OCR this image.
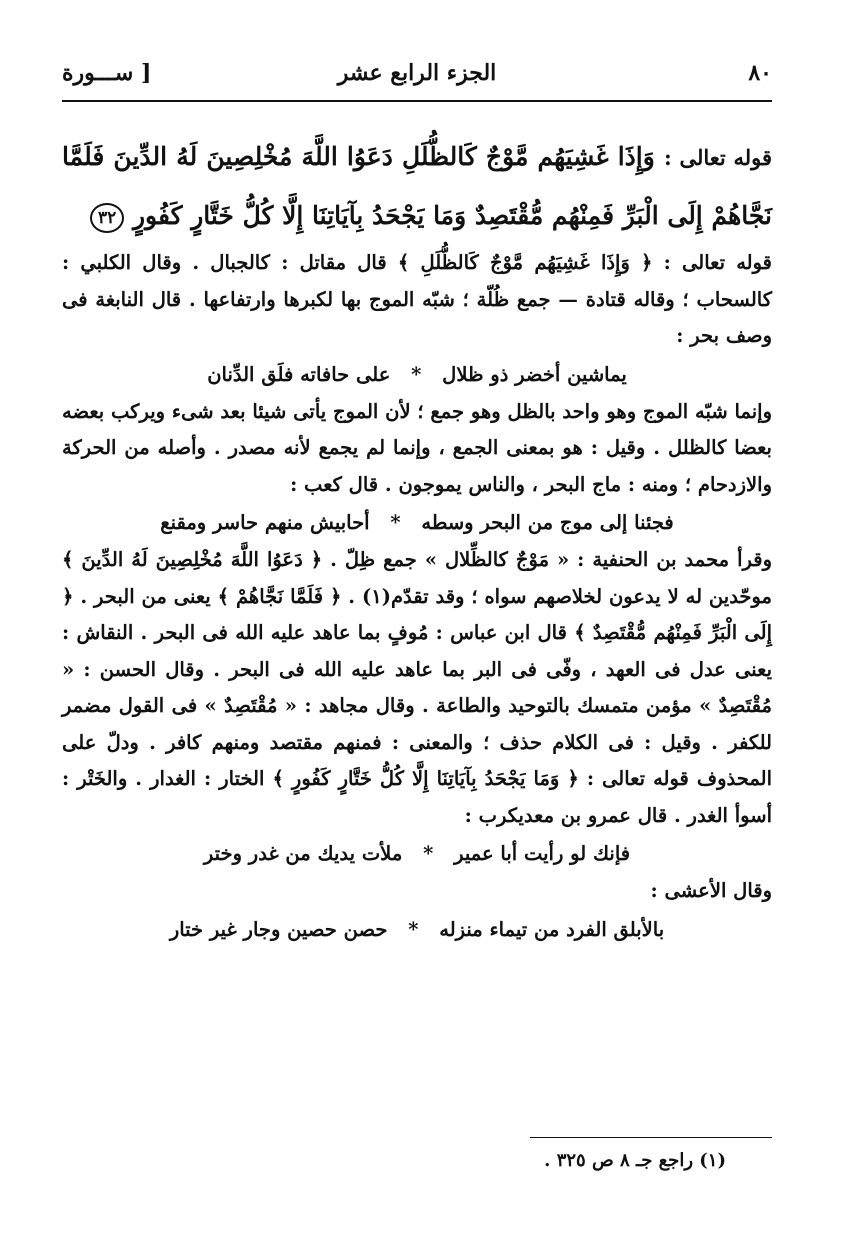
٨٠
الجزء الرابع عشر
[ ســـورة
قوله تعالى : وَإِذَا غَشِيَهُم مَّوْجٌ كَالظُّلَلِ دَعَوُا اللَّهَ مُخْلِصِينَ لَهُ الدِّينَ فَلَمَّا نَجَّاهُمْ إِلَى الْبَرِّ فَمِنْهُم مُّقْتَصِدٌ وَمَا يَجْحَدُ بِآيَاتِنَا إِلَّا كُلُّ خَتَّارٍ كَفُورٍ ٣٢

قوله تعالى : ﴿ وَإِذَا غَشِيَهُم مَّوْجٌ كَالظُّلَلِ ﴾ قال مقاتل : كالجبال . وقال الكلبي : كالسحاب ؛ وقاله قتادة — جمع ظُلّة ؛ شبّه الموج بها لكبرها وارتفاعها . قال النابغة فى وصف بحر :

يماشين أخضر ذو ظلال * على حافاته فلَق الدِّنان

وإنما شبّه الموج وهو واحد بالظل وهو جمع ؛ لأن الموج يأتى شيئا بعد شىء ويركب بعضه بعضا كالظلل . وقيل : هو بمعنى الجمع ، وإنما لم يجمع لأنه مصدر . وأصله من الحركة والازدحام ؛ ومنه : ماج البحر ، والناس يموجون . قال كعب :

فجئنا إلى موج من البحر وسطه * أحابيش منهم حاسر ومقنع

وقرأ محمد بن الحنفية : « مَوْجٌ كالظِّلال » جمع ظِلّ . ﴿ دَعَوُا اللَّهَ مُخْلِصِينَ لَهُ الدِّينَ ﴾ موحّدين له لا يدعون لخلاصهم سواه ؛ وقد تقدّم(١) . ﴿ فَلَمَّا نَجَّاهُمْ ﴾ يعنى من البحر . ﴿ إِلَى الْبَرِّ فَمِنْهُم مُّقْتَصِدٌ ﴾ قال ابن عباس : مُوفٍ بما عاهد عليه الله فى البحر . النقاش : يعنى عدل فى العهد ، وفّى فى البر بما عاهد عليه الله فى البحر . وقال الحسن : « مُقْتَصِدٌ » مؤمن متمسك بالتوحيد والطاعة . وقال مجاهد : « مُقْتَصِدٌ » فى القول مضمر للكفر . وقيل : فى الكلام حذف ؛ والمعنى : فمنهم مقتصد ومنهم كافر . ودلّ على المحذوف قوله تعالى : ﴿ وَمَا يَجْحَدُ بِآيَاتِنَا إِلَّا كُلُّ خَتَّارٍ كَفُورٍ ﴾ الختار : الغدار . والخَتْر : أسوأ الغدر . قال عمرو بن معديكرب :

فإنك لو رأيت أبا عمير * ملأت يديك من غدر وختر

وقال الأعشى :

بالأبلق الفرد من تيماء منزله * حصن حصين وجار غير ختار

(١) راجع جـ ٨ ص ٣٢٥ .
